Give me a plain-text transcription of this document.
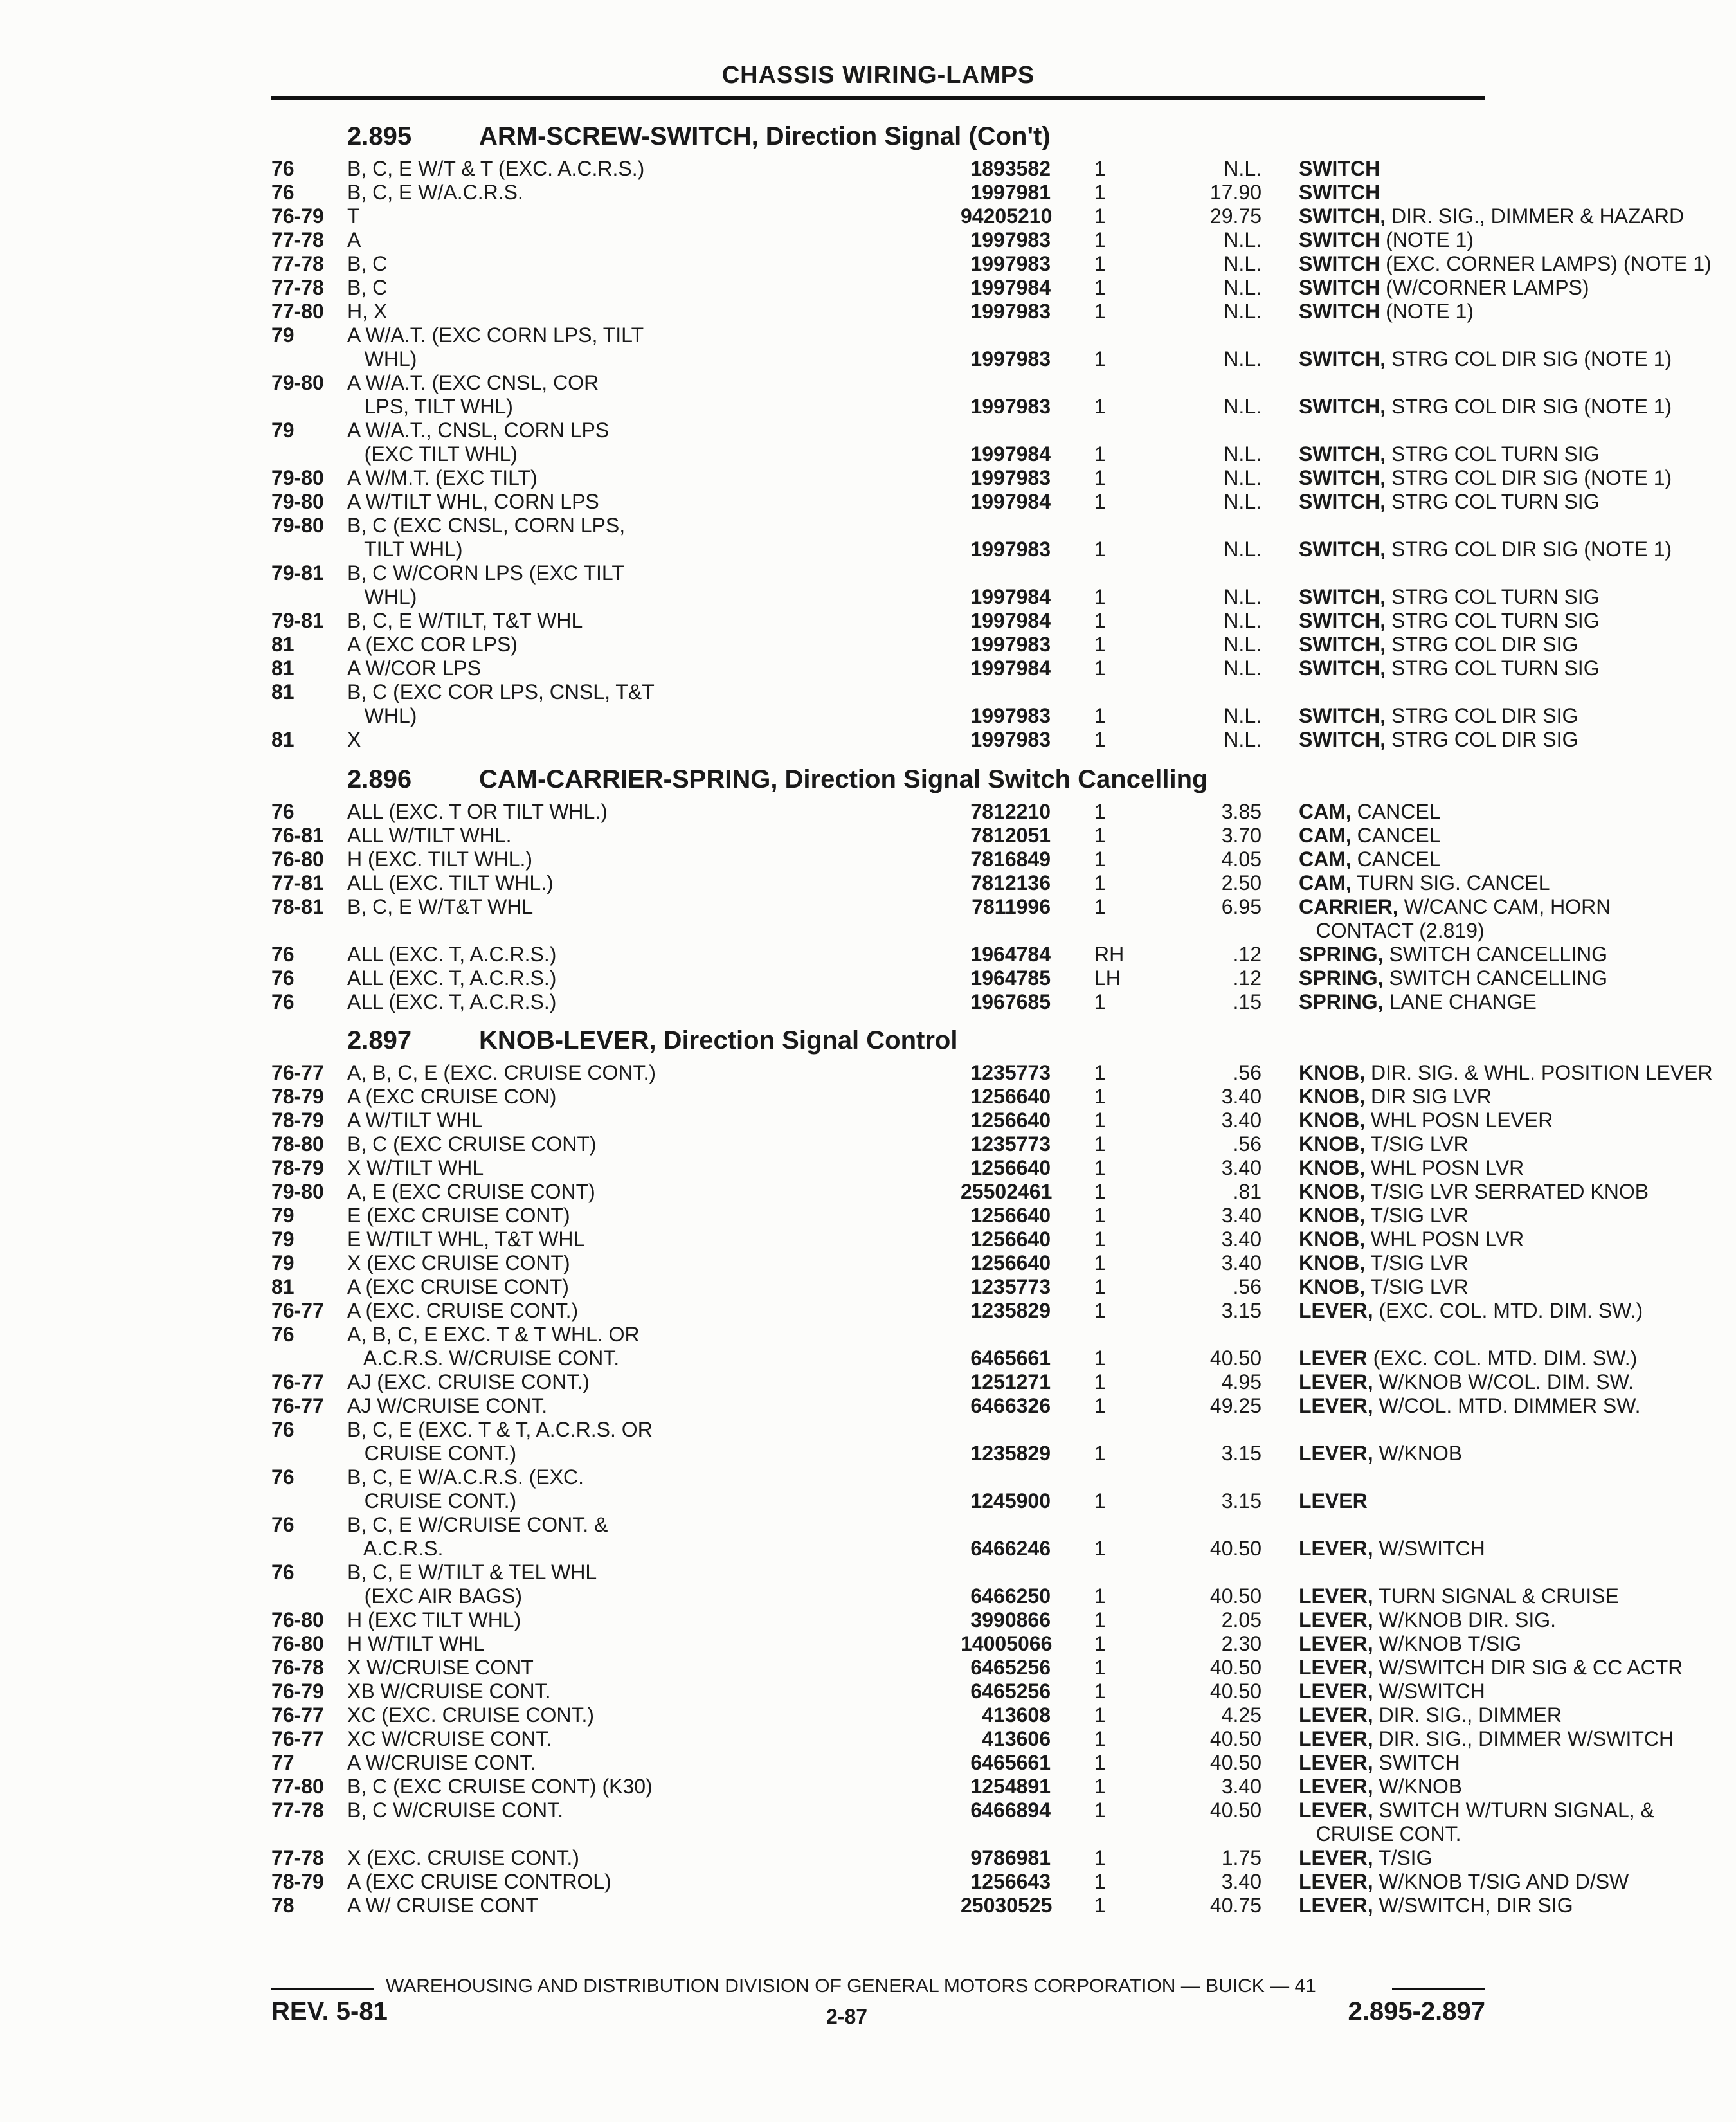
CHASSIS WIRING-LAMPS
2.895	ARM-SCREW-SWITCH, Direction Signal (Con't)
76	B, C, E W/T & T (EXC. A.C.R.S.)	1893582 1	N.L. SWITCH
76	B, C, E W/A.C.R.S.	1997981 1	17.90 SWITCH
76-79 T	94205210 1	29.75 SWITCH, DIR. SIG., DIMMER & HAZARD
77-78 A	1997983 1	N.L. SWITCH (NOTE 1)
77-78 B, C	1997983 1	N.L. SWITCH (EXC. CORNER LAMPS) (NOTE 1)
77-78 B, C	1997984 1	N.L. SWITCH (W/CORNER LAMPS)
77-80 H, X	1997983 1	N.L. SWITCH (NOTE 1)
79	A W/A.T. (EXC CORN LPS, TILT
WHL)	1997983 1	N.L. SWITCH, STRG COL DIR SIG (NOTE 1)
79-80 A W/A.T. (EXC CNSL, COR
LPS, TILT WHL)	1997983 1	N.L. SWITCH, STRG COL DIR SIG (NOTE 1)
79	A W/A.T., CNSL, CORN LPS
(EXC TILT WHL)	1997984 1	N.L. SWITCH, STRG COL TURN SIG
79-80 A W/M.T. (EXC TILT)	1997983 1	N.L. SWITCH, STRG COL DIR SIG (NOTE 1)
79-80 A W/TILT WHL, CORN LPS	1997984 1	N.L. SWITCH, STRG COL TURN SIG
79-80 B, C (EXC CNSL, CORN LPS,
TILT WHL)	1997983 1	N.L. SWITCH, STRG COL DIR SIG (NOTE 1)
79-81 B, C W/CORN LPS (EXC TILT
WHL)	1997984 1	N.L. SWITCH, STRG COL TURN SIG
79-81 B, C, E W/TILT, T&T WHL	1997984 1	N.L. SWITCH, STRG COL TURN SIG
81	A (EXC COR LPS)	1997983 1	N.L. SWITCH, STRG COL DIR SIG
81	A W/COR LPS	1997984 1	N.L. SWITCH, STRG COL TURN SIG
81	B, C (EXC COR LPS, CNSL, T&T
WHL)	1997983 1	N.L. SWITCH, STRG COL DIR SIG
81	X	1997983 1	N.L. SWITCH, STRG COL DIR SIG
2.896	CAM-CARRIER-SPRING, Direction Signal Switch Cancelling
76	ALL (EXC. T OR TILT WHL.)	7812210 1	3.85 CAM, CANCEL
76-81 ALL W/TILT WHL.	7812051 1	3.70 CAM, CANCEL
76-80 H (EXC. TILT WHL.)	7816849 1	4.05 CAM, CANCEL
77-81 ALL (EXC. TILT WHL.)	7812136 1	2.50 CAM, TURN SIG. CANCEL
78-81 B, C, E W/T&T WHL	7811996 1	6.95 CARRIER, W/CANC CAM, HORN
CONTACT (2.819)
76	ALL (EXC. T, A.C.R.S.)	1964784 RH	.12 SPRING, SWITCH CANCELLING
76	ALL (EXC. T, A.C.R.S.)	1964785 LH	.12 SPRING, SWITCH CANCELLING
76	ALL (EXC. T, A.C.R.S.)	1967685 1	.15 SPRING, LANE CHANGE
2.897	KNOB-LEVER, Direction Signal Control
76-77 A, B, C, E (EXC. CRUISE CONT.)	1235773 1	.56 KNOB, DIR. SIG. & WHL. POSITION LEVER
78-79 A (EXC CRUISE CON)	1256640 1	3.40 KNOB, DIR SIG LVR
78-79 A W/TILT WHL	1256640 1	3.40 KNOB, WHL POSN LEVER
78-80 B, C (EXC CRUISE CONT)	1235773 1	.56 KNOB, T/SIG LVR
78-79 X W/TILT WHL	1256640 1	3.40 KNOB, WHL POSN LVR
79-80 A, E (EXC CRUISE CONT)	25502461 1	.81 KNOB, T/SIG LVR SERRATED KNOB
79	E (EXC CRUISE CONT)	1256640 1	3.40 KNOB, T/SIG LVR
79	E W/TILT WHL, T&T WHL	1256640 1	3.40 KNOB, WHL POSN LVR
79	X (EXC CRUISE CONT)	1256640 1	3.40 KNOB, T/SIG LVR
81	A (EXC CRUISE CONT)	1235773 1	.56 KNOB, T/SIG LVR
76-77 A (EXC. CRUISE CONT.)	1235829 1	3.15 LEVER, (EXC. COL. MTD. DIM. SW.)
76	A, B, C, E EXC. T & T WHL. OR
A.C.R.S. W/CRUISE CONT.	6465661 1	40.50 LEVER (EXC. COL. MTD. DIM. SW.)
76-77 AJ (EXC. CRUISE CONT.)	1251271 1	4.95 LEVER, W/KNOB W/COL. DIM. SW.
76-77 AJ W/CRUISE CONT.	6466326 1	49.25 LEVER, W/COL. MTD. DIMMER SW.
76	B, C, E (EXC. T & T, A.C.R.S. OR
CRUISE CONT.)	1235829 1	3.15 LEVER, W/KNOB
76	B, C, E W/A.C.R.S. (EXC.
CRUISE CONT.)	1245900 1	3.15 LEVER
76	B, C, E W/CRUISE CONT. &
A.C.R.S.	6466246 1	40.50 LEVER, W/SWITCH
76	B, C, E W/TILT & TEL WHL
(EXC AIR BAGS)	6466250 1	40.50 LEVER, TURN SIGNAL & CRUISE
76-80 H (EXC TILT WHL)	3990866 1	2.05 LEVER, W/KNOB DIR. SIG.
76-80 H W/TILT WHL	14005066 1	2.30 LEVER, W/KNOB T/SIG
76-78 X W/CRUISE CONT	6465256 1	40.50 LEVER, W/SWITCH DIR SIG & CC ACTR
76-79 XB W/CRUISE CONT.	6465256 1	40.50 LEVER, W/SWITCH
76-77 XC (EXC. CRUISE CONT.)	413608 1	4.25 LEVER, DIR. SIG., DIMMER
76-77 XC W/CRUISE CONT.	413606 1	40.50 LEVER, DIR. SIG., DIMMER W/SWITCH
77	A W/CRUISE CONT.	6465661 1	40.50 LEVER, SWITCH
77-80 B, C (EXC CRUISE CONT) (K30)	1254891 1	3.40 LEVER, W/KNOB
77-78 B, C W/CRUISE CONT.	6466894 1	40.50 LEVER, SWITCH W/TURN SIGNAL, &
CRUISE CONT.
77-78 X (EXC. CRUISE CONT.)	9786981 1	1.75 LEVER, T/SIG
78-79 A (EXC CRUISE CONTROL)	1256643 1	3.40 LEVER, W/KNOB T/SIG AND D/SW
78	A W/ CRUISE CONT	25030525 1	40.75 LEVER, W/SWITCH, DIR SIG
WAREHOUSING AND DISTRIBUTION DIVISION OF GENERAL MOTORS CORPORATION — BUICK — 41
REV. 5-81	2-87	2.895-2.897
